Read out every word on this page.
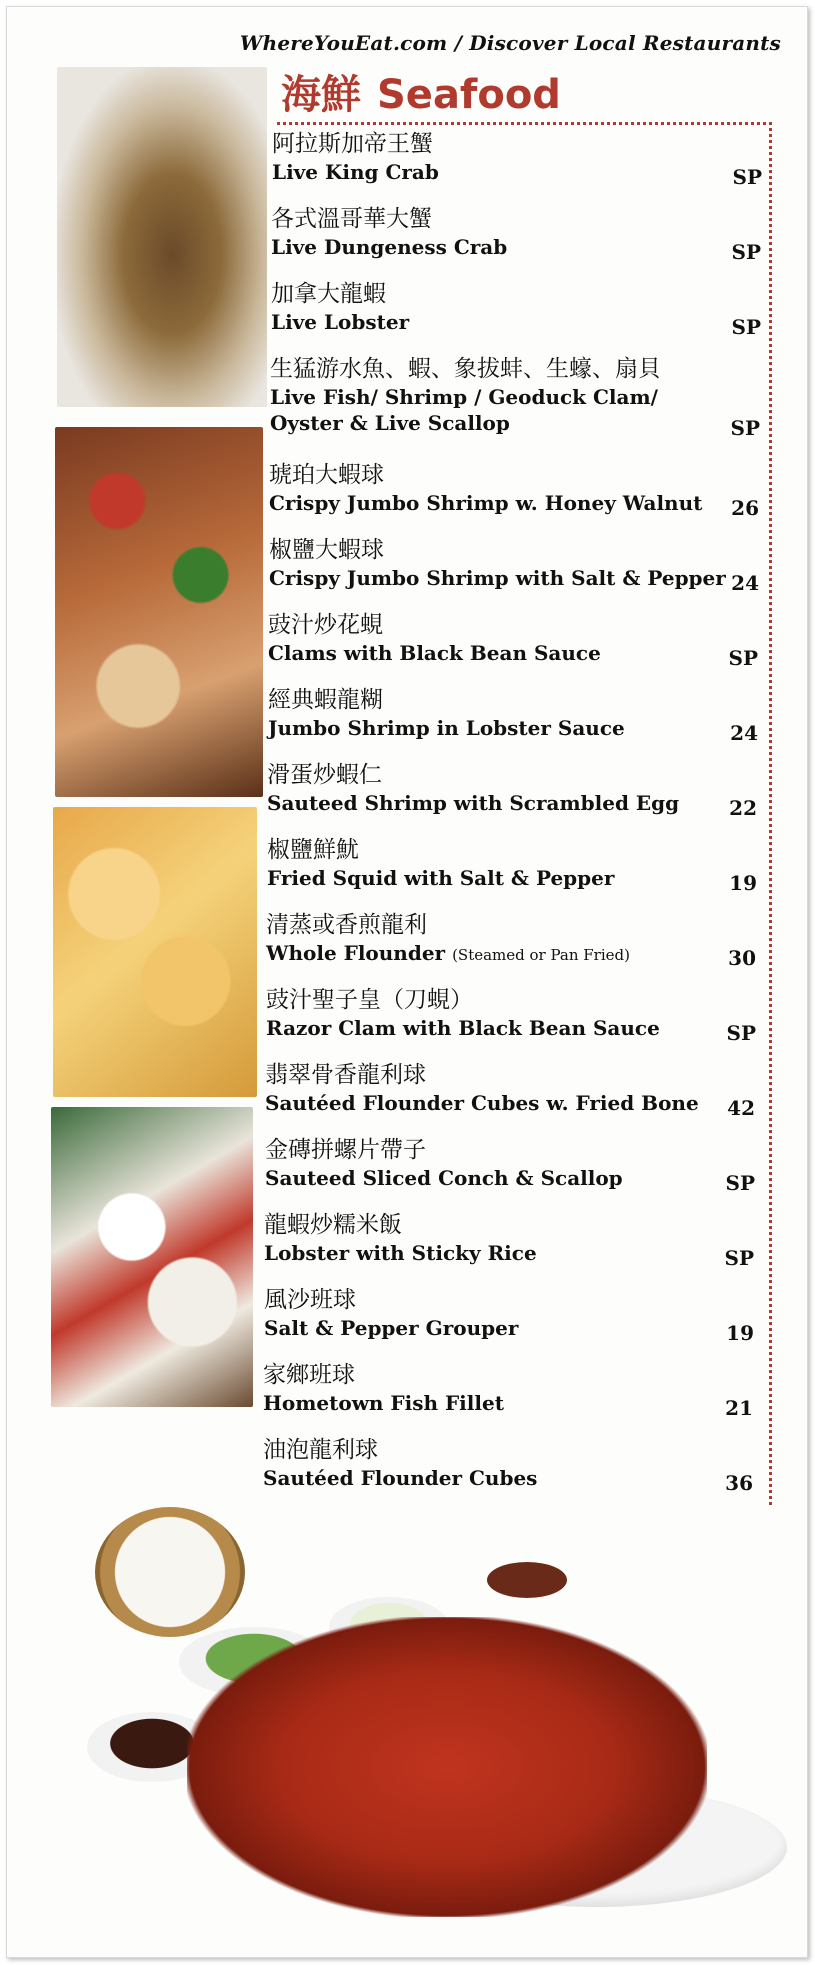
WhereYouEat.com / Discover Local Restaurants
海鮮 Seafood
阿拉斯加帝王蟹
Live King Crab	SP
各式溫哥華大蟹
Live Dungeness Crab	SP
加拿大龍蝦
Live Lobster	SP
生猛游水魚、蝦、象拔蚌、生蠔、扇貝
Live Fish/ Shrimp / Geoduck Clam/
Oyster & Live Scallop	SP
琥珀大蝦球
Crispy Jumbo Shrimp w. Honey Walnut	26
椒鹽大蝦球
Crispy Jumbo Shrimp with Salt & Pepper 24
豉汁炒花蜆
Clams with Black Bean Sauce	SP
經典蝦龍糊
Jumbo Shrimp in Lobster Sauce	24
滑蛋炒蝦仁
Sauteed Shrimp with Scrambled Egg	22
椒鹽鮮魷
Fried Squid with Salt & Pepper	19
清蒸或香煎龍利
Whole Flounder (Steamed or Pan Fried)	30
豉汁聖子皇（刀蜆）
Razor Clam with Black Bean Sauce	SP
翡翠骨香龍利球
Sautéed Flounder Cubes w. Fried Bone	42
金磚拼螺片帶子
Sauteed Sliced Conch & Scallop	SP
龍蝦炒糯米飯
Lobster with Sticky Rice	SP
風沙班球
Salt & Pepper Grouper	19
家鄉班球
Hometown Fish Fillet	21
油泡龍利球
Sautéed Flounder Cubes	36
